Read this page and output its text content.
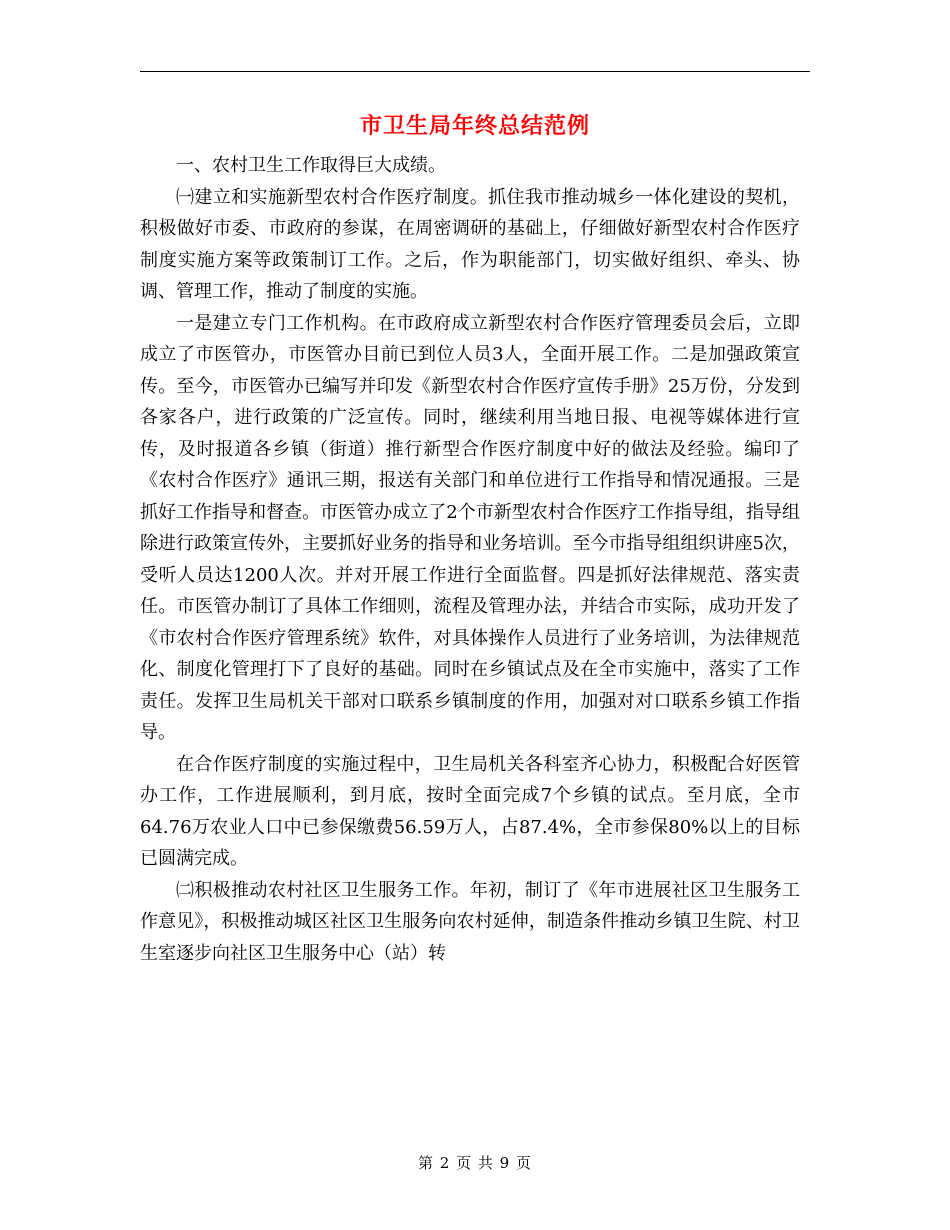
市卫生局年终总结范例

一、农村卫生工作取得巨大成绩。

㈠建立和实施新型农村合作医疗制度。抓住我市推动城乡一体化建设的契机，积极做好市委、市政府的参谋，在周密调研的基础上，仔细做好新型农村合作医疗制度实施方案等政策制订工作。之后，作为职能部门，切实做好组织、牵头、协调、管理工作，推动了制度的实施。

一是建立专门工作机构。在市政府成立新型农村合作医疗管理委员会后，立即成立了市医管办，市医管办目前已到位人员3人，全面开展工作。二是加强政策宣传。至今，市医管办已编写并印发《新型农村合作医疗宣传手册》25万份，分发到各家各户，进行政策的广泛宣传。同时，继续利用当地日报、电视等媒体进行宣传，及时报道各乡镇（街道）推行新型合作医疗制度中好的做法及经验。编印了《农村合作医疗》通讯三期，报送有关部门和单位进行工作指导和情况通报。三是抓好工作指导和督查。市医管办成立了2个市新型农村合作医疗工作指导组，指导组除进行政策宣传外，主要抓好业务的指导和业务培训。至今市指导组组织讲座5次，受听人员达1200人次。并对开展工作进行全面监督。四是抓好法律规范、落实责任。市医管办制订了具体工作细则，流程及管理办法，并结合市实际，成功开发了《市农村合作医疗管理系统》软件，对具体操作人员进行了业务培训，为法律规范化、制度化管理打下了良好的基础。同时在乡镇试点及在全市实施中，落实了工作责任。发挥卫生局机关干部对口联系乡镇制度的作用，加强对对口联系乡镇工作指导。

在合作医疗制度的实施过程中，卫生局机关各科室齐心协力，积极配合好医管办工作，工作进展顺利，到月底，按时全面完成7个乡镇的试点。至月底，全市64.76万农业人口中已参保缴费56.59万人，占87.4%，全市参保80%以上的目标已圆满完成。

㈡积极推动农村社区卫生服务工作。年初，制订了《年市进展社区卫生服务工作意见》，积极推动城区社区卫生服务向农村延伸，制造条件推动乡镇卫生院、村卫生室逐步向社区卫生服务中心（站）转

第 2 页 共 9 页
